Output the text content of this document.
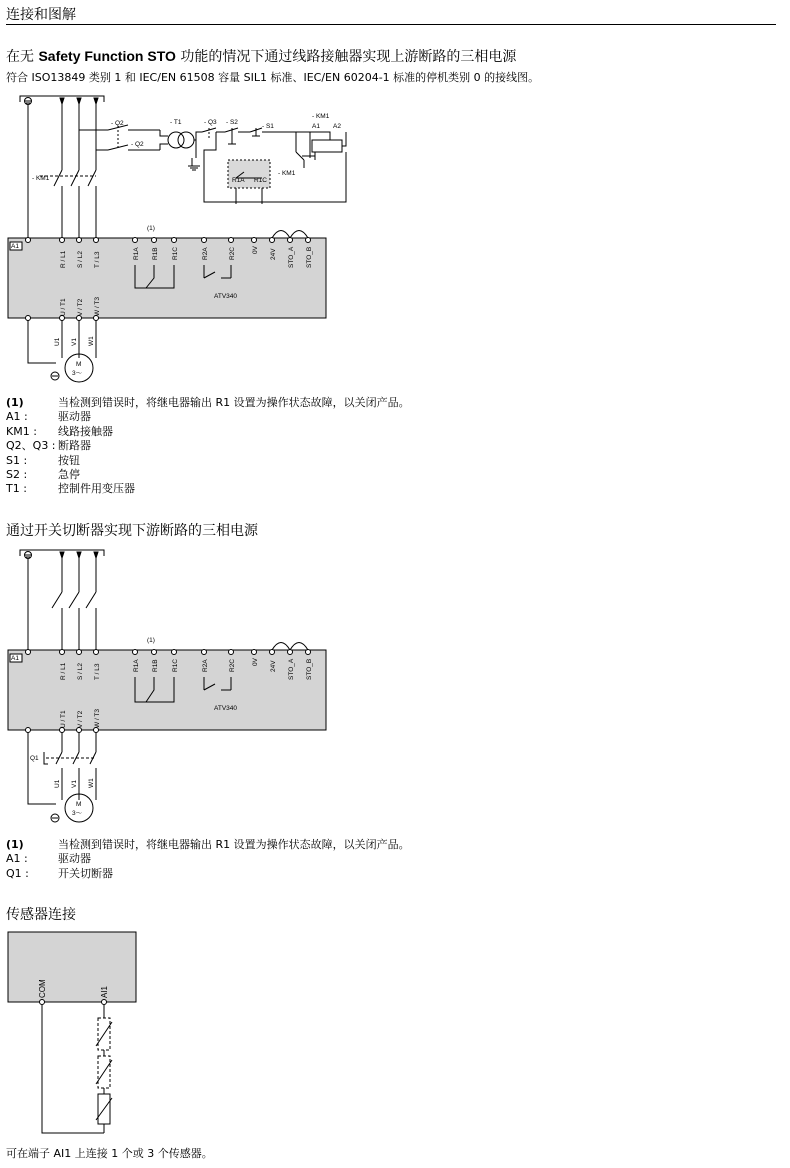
连接和图解
在无 Safety Function STO 功能的情况下通过线路接触器实现上游断路的三相电源
符合 ISO13849 类别 1 和 IEC/EN 61508 容量 SIL1 标准、IEC/EN 60204-1 标准的停机类别 0 的接线图。
- Q2
- Q2
- T1	- Q3 - S2
- S1
- KM1
A1 A2
- KM1
- KM1	R1A R1C
A1
(1)
ATV340
R / L1 S / L2 T / L3	R1A R1B R1C	R2A	R2C 0V 24V STO_A STO_B
U / T1 V / T2 W / T3
U1 V1 W1
M
3〜
(1)	当检测到错误时，将继电器输出 R1 设置为操作状态故障，以关闭产品。
A1 :	驱动器
KM1 :	线路接触器
Q2、Q3 : 断路器
S1 :	按钮
S2 :	急停
T1 :	控制件用变压器
通过开关切断器实现下游断路的三相电源
A1
(1)
ATV340
Q1
R / L1 S / L2 T / L3	R1A R1B R1C	R2A	R2C 0V 24V STO_A STO_B
U / T1 V / T2 W / T3
U1 V1 W1
M
3〜
(1)	当检测到错误时，将继电器输出 R1 设置为操作状态故障，以关闭产品。
A1 :	驱动器
Q1 :	开关切断器
传感器连接
COM	AI1
可在端子 AI1 上连接 1 个或 3 个传感器。
